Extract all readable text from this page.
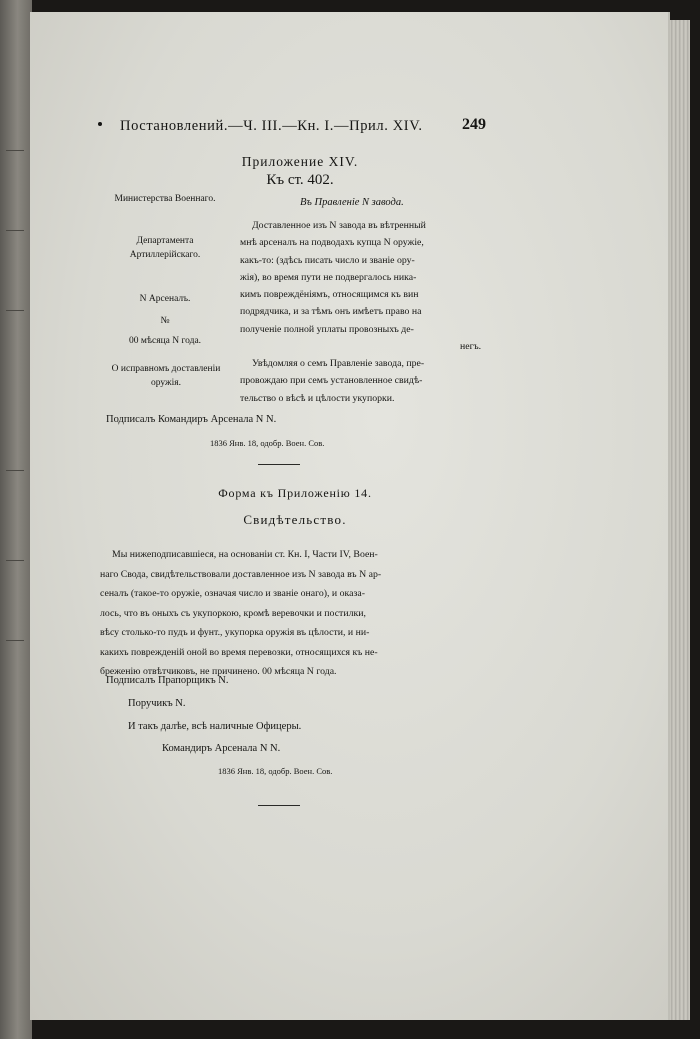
Постановлений.—Ч. III.—Кн. I.—Прил. XIV. 249
Приложение XIV.
Къ ст. 402.
Министерства Военнаго.
Департамента Артиллерійскаго.
N Арсеналъ.
№
00 мѣсяца N года.
О исправномъ доставленіи оружія.
Въ Правленіе N завода.
Доставленное изъ N завода въ вѣтренный
мнѣ арсеналъ на подводахъ купца N оружіе,
какъ-то: (здѣсь писать число и званіе ору-
жія), во время пути не подвергалось ника-
кимъ повреждёніямъ, относящимся къ вин
подрядчика, и за тѣмъ онъ имѣетъ право на
полученіе полной уплаты провозныхъ де-
негъ.
Увѣдомляя о семъ Правленіе завода, пре-
провождаю при семъ установленное свидѣ-
тельство о вѣсѣ и цѣлости укупорки.
Подписалъ Командиръ Арсенала N N.
1836 Янв. 18, одобр. Воен. Сов.
Форма къ Приложенію 14.
Свидѣтельство.
Мы нижеподписавшіеся, на основаніи ст. Кн. I, Части IV, Воен-
наго Свода, свидѣтельствовали доставленное изъ N завода въ N ар-
сеналъ (такое-то оружіе, означая число и званіе онаго), и оказа-
лось, что въ оныхъ съ укупоркою, кромѣ веревочки и постилки,
вѣсу столько-то пудъ и фунт., укупорка оружія въ цѣлости, и ни-
какихъ поврежденій оной во время перевозки, относящихся къ не-
бреженію отвѣтчиковъ, не причинено. 00 мѣсяца N года.
Подписалъ Прапорщикъ N.
Поручикъ N.
И такъ далѣе, всѣ наличные Офицеры.
Командиръ Арсенала N N.
1836 Янв. 18, одобр. Воен. Сов.
